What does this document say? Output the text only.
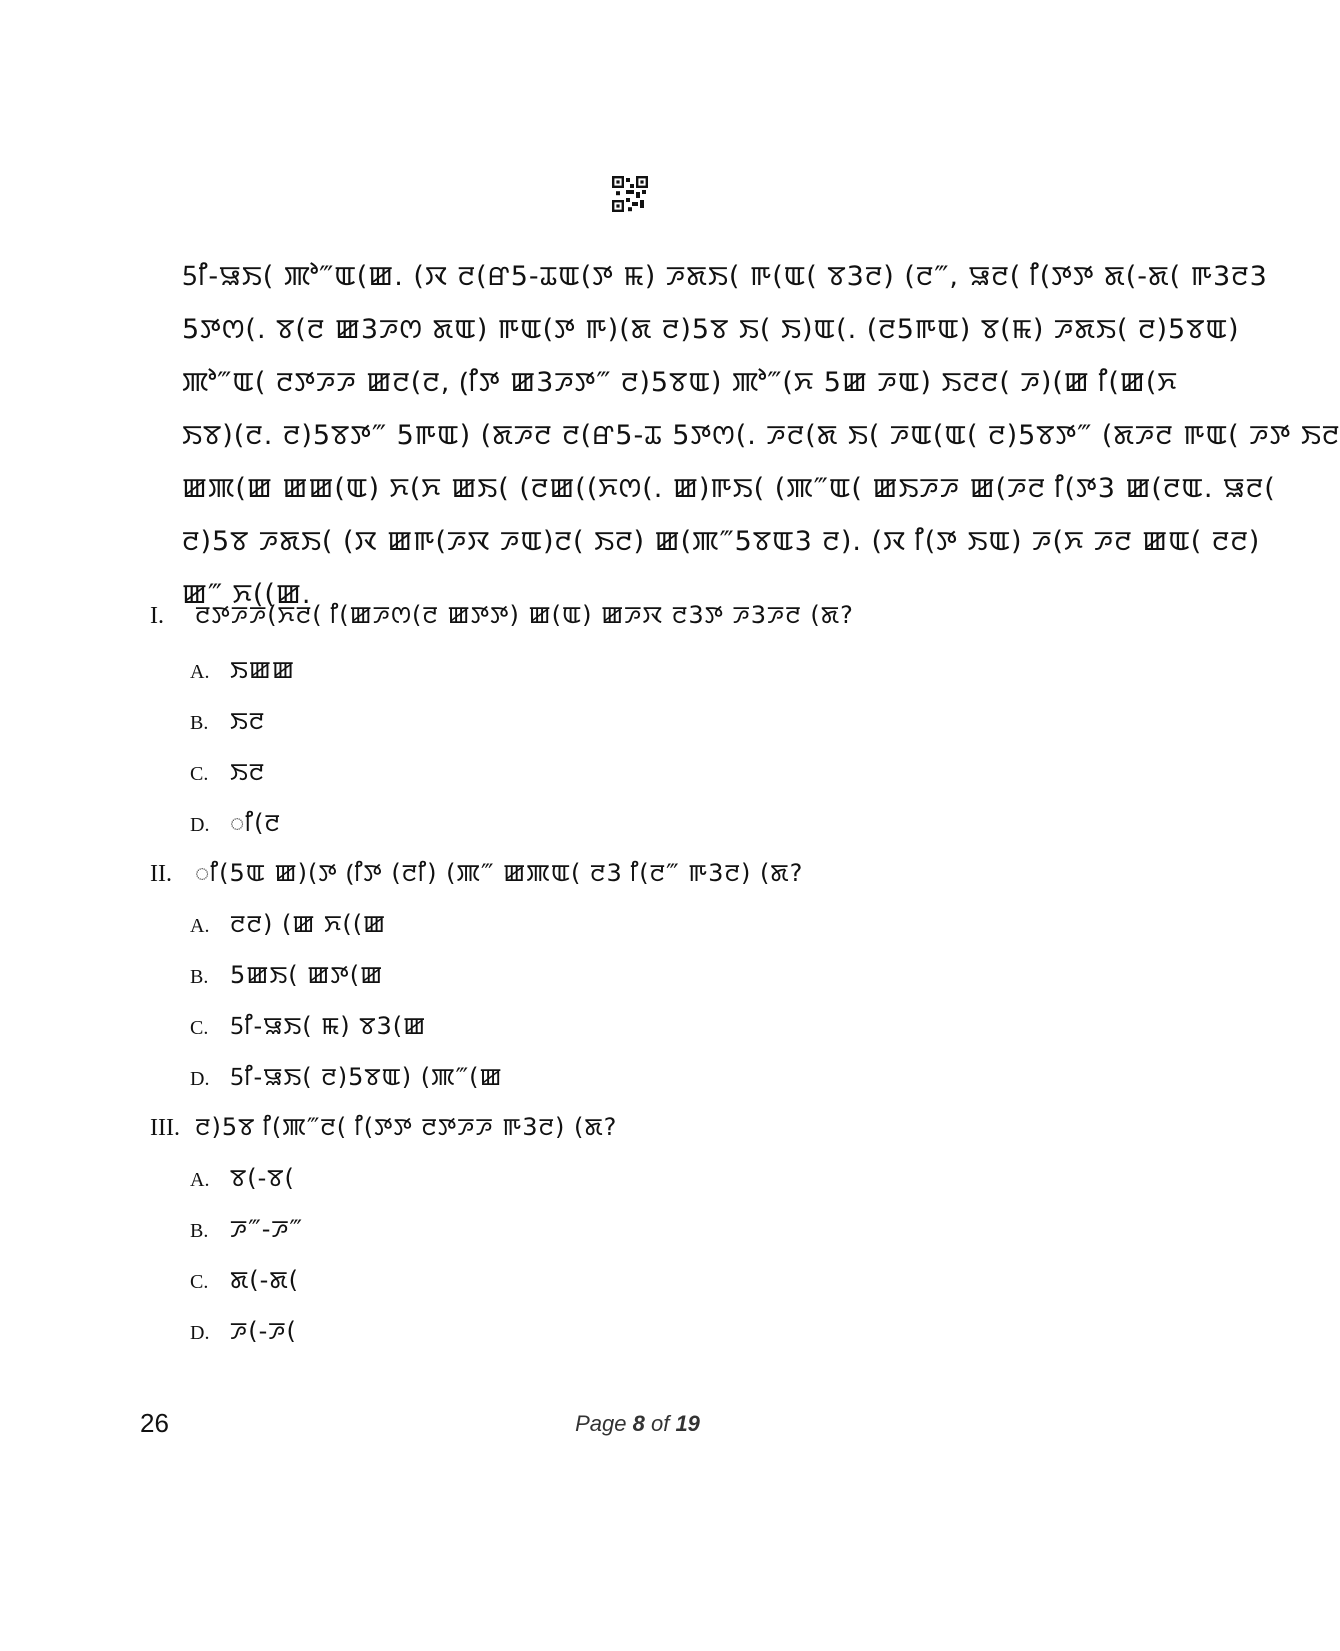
5ꯤ-ꯎꯏ( ꯄꯣ‴ꯑ(ꯀ. (ꯋ ꯂ(ꯔ5-ꯊꯑ(ꯇ ꯃ) ꯍꯗꯏ( ꯒ(ꯑ( ꯕ3ꯂ) (ꯂ‴, ꯎꯂ( ꯤ(ꯇꯇ ꯗ(-ꯗ( ꯒ3ꯂ3
5ꯇꯁ(. ꯕ(ꯂ ꯀ3ꯍꯁ ꯗꯑ) ꯒꯑ(ꯇ ꯒ)(ꯗ ꯂ)5ꯕ ꯏ( ꯏ)ꯑ(. (ꯂ5ꯒꯑ) ꯕ(ꯃ) ꯍꯗꯏ( ꯂ)5ꯕꯑ)
ꯄꯣ‴ꯑ( ꯂꯇꯍꯍ ꯀꯂ(ꯂ, (ꯤꯇ ꯀ3ꯍꯇ‴ ꯂ)5ꯕꯑ) ꯄꯣ‴(ꯈ 5ꯀ ꯍꯑ) ꯏꯂꯂ( ꯍ)(ꯀ ꯤ(ꯀ(ꯈ
ꯏꯕ)(ꯂ. ꯂ)5ꯕꯇ‴ 5ꯒꯑ) (ꯗꯍꯂ ꯂ(ꯔ5-ꯊ 5ꯇꯁ(. ꯍꯂ(ꯗ ꯏ( ꯍꯑ(ꯑ( ꯂ)5ꯕꯇ‴ (ꯗꯍꯂ ꯒꯑ( ꯍꯇ ꯏꯂ
ꯀꯄ(ꯀ ꯀꯀ(ꯑ) ꯈ(ꯈ ꯀꯏ( (ꯂꯀ((ꯈꯁ(. ꯀ)ꯒꯏ( (ꯄ‴ꯑ( ꯀꯏꯍꯍ ꯀ(ꯍꯂ ꯤ(ꯇ3 ꯀ(ꯂꯑ. ꯎꯂ(
ꯂ)5ꯕ ꯍꯗꯏ( (ꯋ ꯀꯒ(ꯍꯋ ꯍꯑ)ꯂ( ꯏꯂ) ꯀ(ꯄ‴5ꯕꯑ3 ꯂ). (ꯋ ꯤ(ꯇ ꯏꯑ) ꯍ(ꯈ ꯍꯂ ꯀꯑ( ꯂꯂ)
ꯀ‴ ꯈ((ꯀ.
I.	ꯂꯇꯍꯍ(ꯈꯂ( ꯤ(ꯀꯍꯁ(ꯂ ꯀꯇꯇ) ꯀ(ꯑ) ꯀꯍꯋ ꯂ3ꯇ ꯍ3ꯍꯂ (ꯗ?
A. ꯏꯀꯀ
B. ꯏꯂ
C. ꯏꯂ
D. ꯤ(ꯂ
II. ꯤ(5ꯑ ꯀ)(ꯇ (ꯤꯇ (ꯂꯤ) (ꯄ‴ ꯀꯄꯑ( ꯂ3 ꯤ(ꯂ‴ ꯒ3ꯂ) (ꯗ?
A. ꯂꯂ) (ꯀ ꯈ((ꯀ
B. 5ꯀꯏ( ꯀꯇ(ꯀ
C. 5ꯤ-ꯎꯏ( ꯃ) ꯕ3(ꯀ
D. 5ꯤ-ꯎꯏ( ꯂ)5ꯕꯑ) (ꯄ‴(ꯀ
III. ꯂ)5ꯕ ꯤ(ꯄ‴ꯂ( ꯤ(ꯇꯇ ꯂꯇꯍꯍ ꯒ3ꯂ) (ꯗ?
A. ꯕ(-ꯕ(
B. ꯍ‴-ꯍ‴
C. ꯗ(-ꯗ(
D. ꯍ(-ꯍ(
26	Page 8 of 19
